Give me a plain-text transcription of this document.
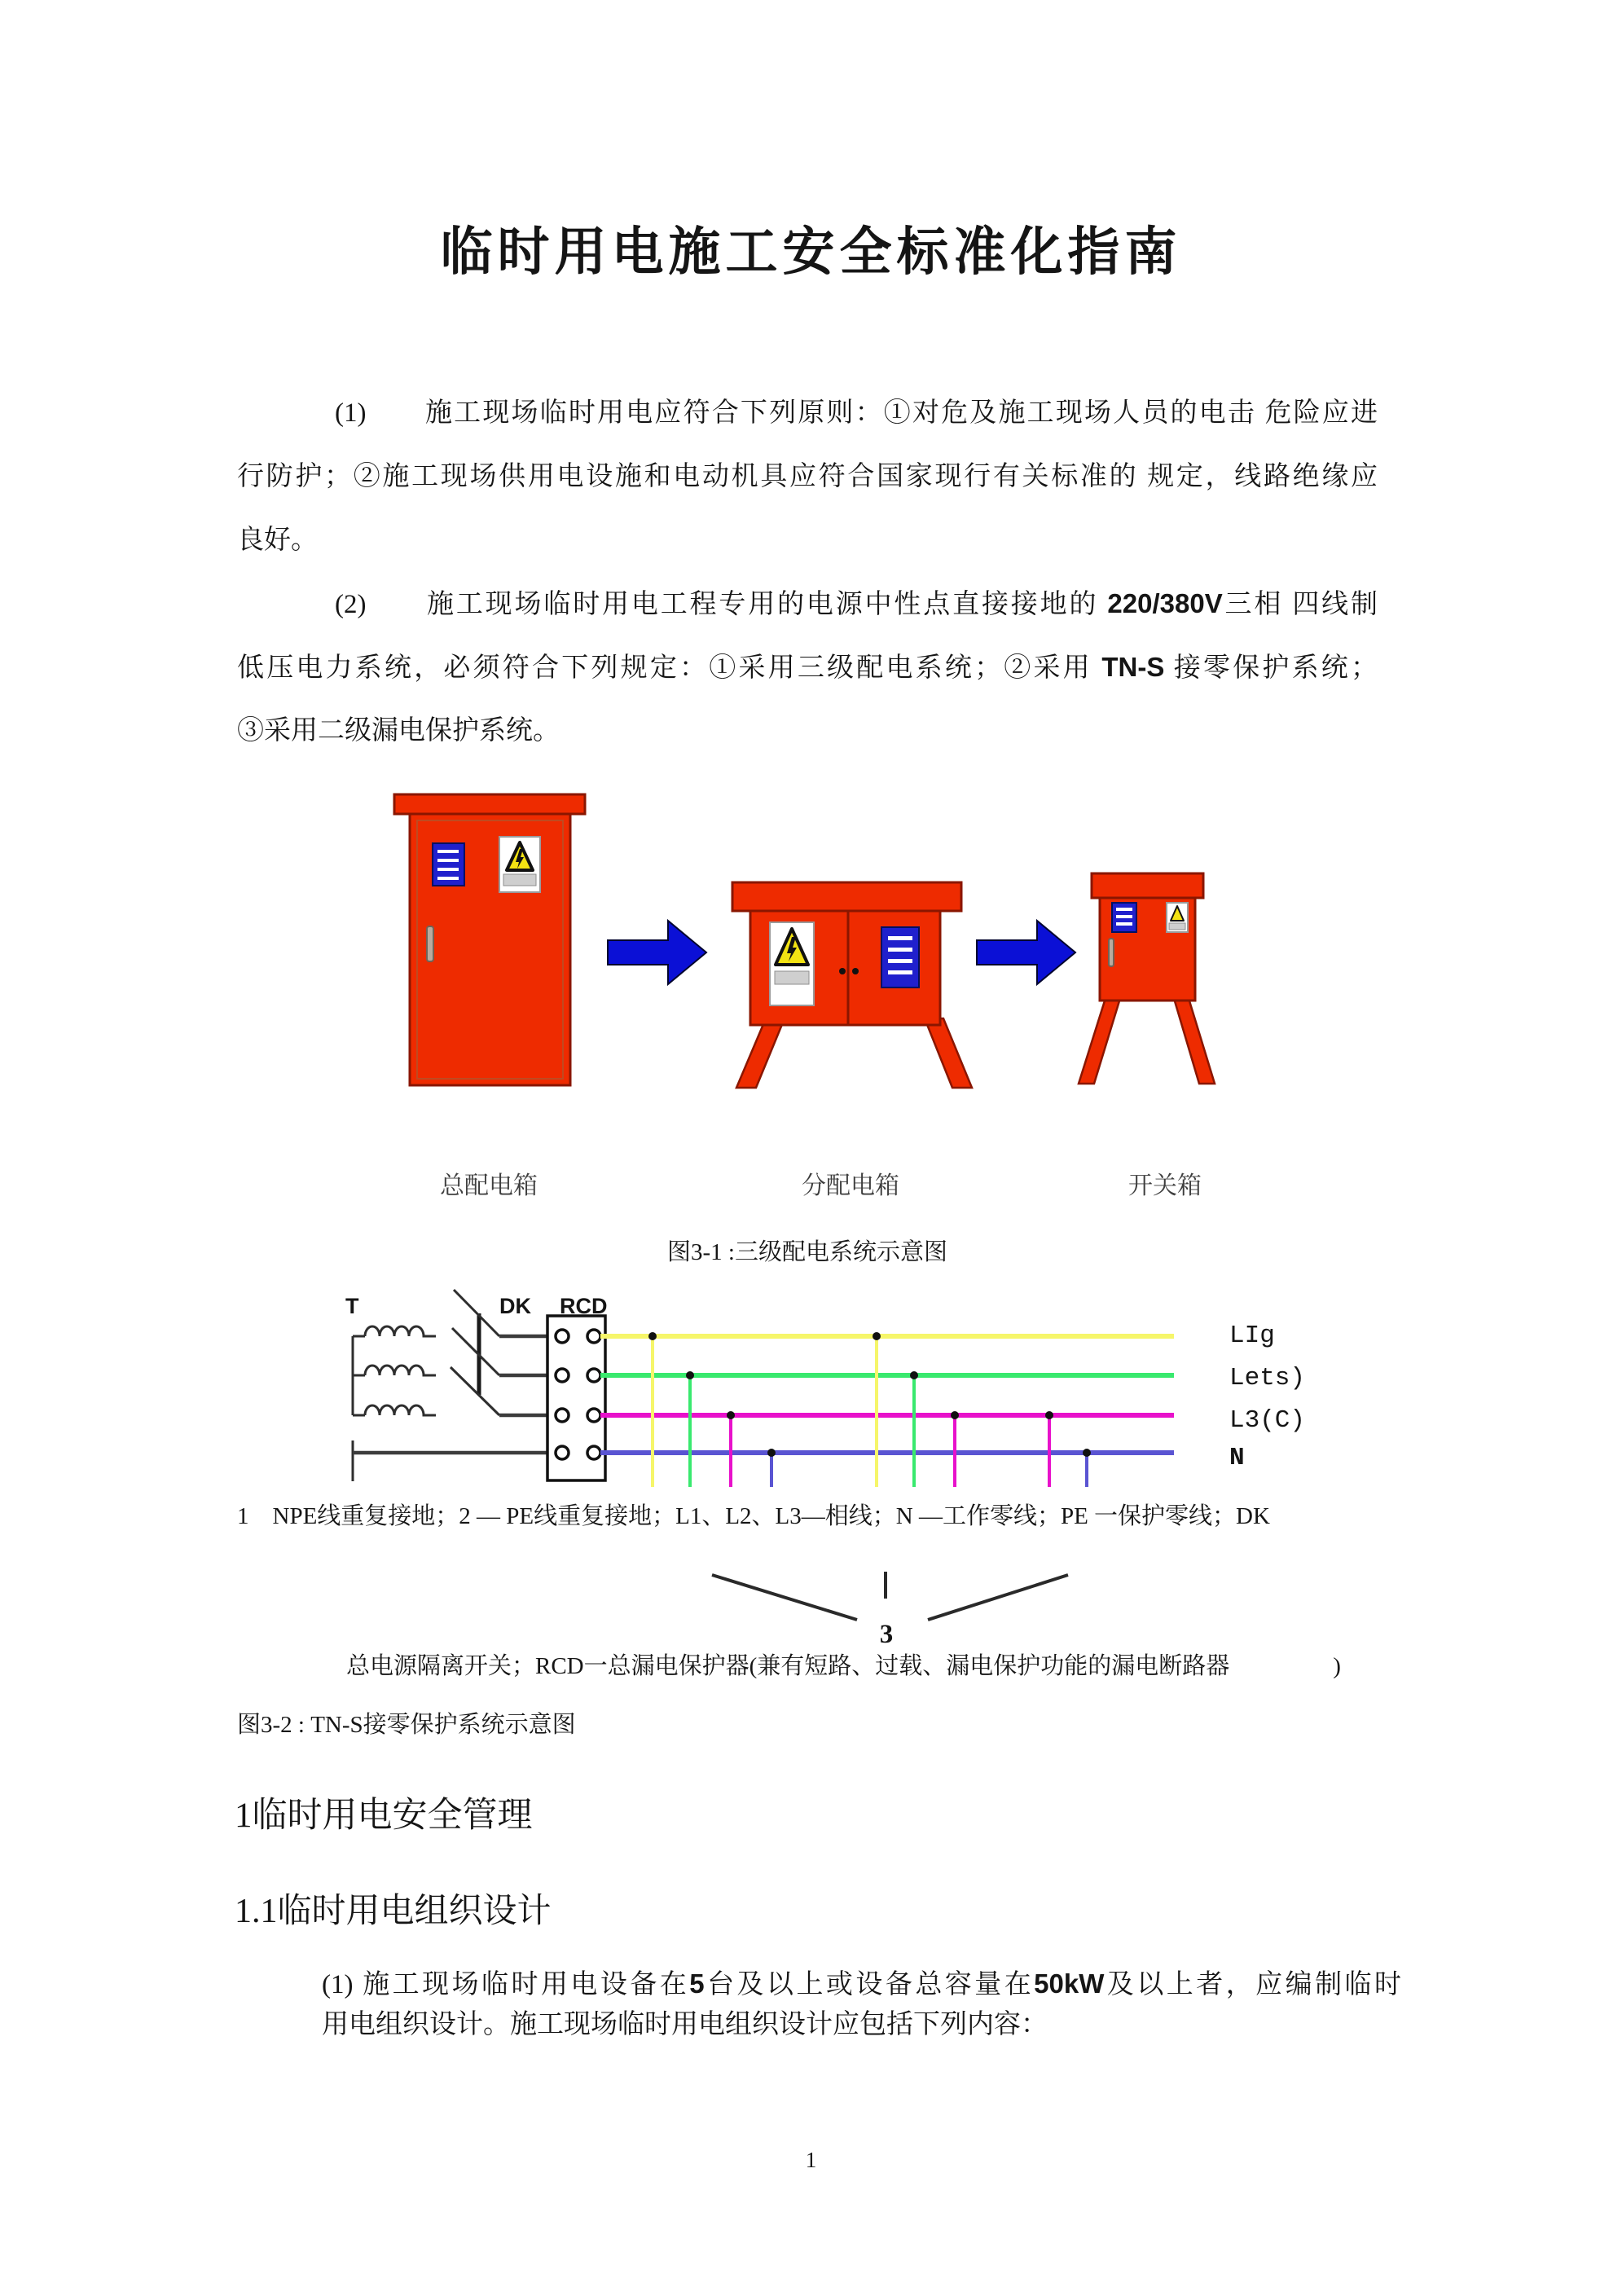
临时用电施工安全标准化指南
(1)　　施工现场临时用电应符合下列原则：①对危及施工现场人员的电击 危险应进
行防护；②施工现场供用电设施和电动机具应符合国家现行有关标准的 规定，线路绝缘应
良好。
(2)　　施工现场临时用电工程专用的电源中性点直接接地的 220/380V三相 四线制
低压电力系统，必须符合下列规定：①采用三级配电系统；②采用 TN-S 接零保护系统；
③采用二级漏电保护系统。
总配电箱	分配电箱	开关箱
图3-1 :三级配电系统示意图
T	DK RCD
LIg
Lets)
L3(C)
N
1　NPE线重复接地；2 — PE线重复接地；L1、L2、L3—相线；N —工作零线；PE 一保护零线；DK
3
总电源隔离开关；RCD一总漏电保护器(兼有短路、过载、漏电保护功能的漏电断路器	)
图3-2 : TN-S接零保护系统示意图
1临时用电安全管理
1.1临时用电组织设计
(1) 施工现场临时用电设备在5台及以上或设备总容量在50kW及以上者，应编制临时
用电组织设计。施工现场临时用电组织设计应包括下列内容：
1
